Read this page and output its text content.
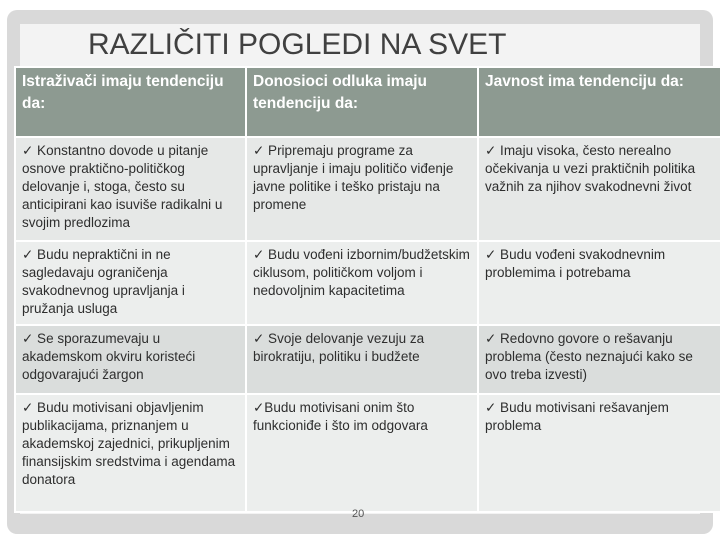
RAZLIČITI POGLEDI NA SVET
Istraživači imaju tendenciju da:	Donosioci odluka imaju tendenciju da:	Javnost ima tendenciju da:
✓ Konstantno dovode u pitanje osnove praktično-političkog delovanje i, stoga, često su anticipirani kao isuviše radikalni u svojim predlozima	✓ Pripremaju programe za upravljanje i imaju političo viđenje javne politike i teško pristaju na promene	✓ Imaju visoka, često nerealno očekivanja u vezi praktičnih politika važnih za njihov svakodnevni život
✓ Budu nepraktični in ne sagledavaju ograničenja svakodnevnog upravljanja i pružanja usluga	✓ Budu vođeni izbornim/budžetskim ciklusom, političkom voljom i nedovoljnim kapacitetima	✓ Budu vođeni svakodnevnim problemima i potrebama
✓ Se sporazumevaju u akademskom okviru koristeći odgovarajući žargon	✓ Svoje delovanje vezuju za birokratiju, politiku i budžete	✓ Redovno govore o rešavanju problema (često neznajući kako se ovo treba izvesti)
✓ Budu motivisani objavljenim publikacijama, priznanjem u akademskoj zajednici, prikupljenim finansijskim sredstvima i agendama donatora	✓Budu motivisani onim što funkcioniđe i što im odgovara	✓ Budu motivisani rešavanjem problema
20
